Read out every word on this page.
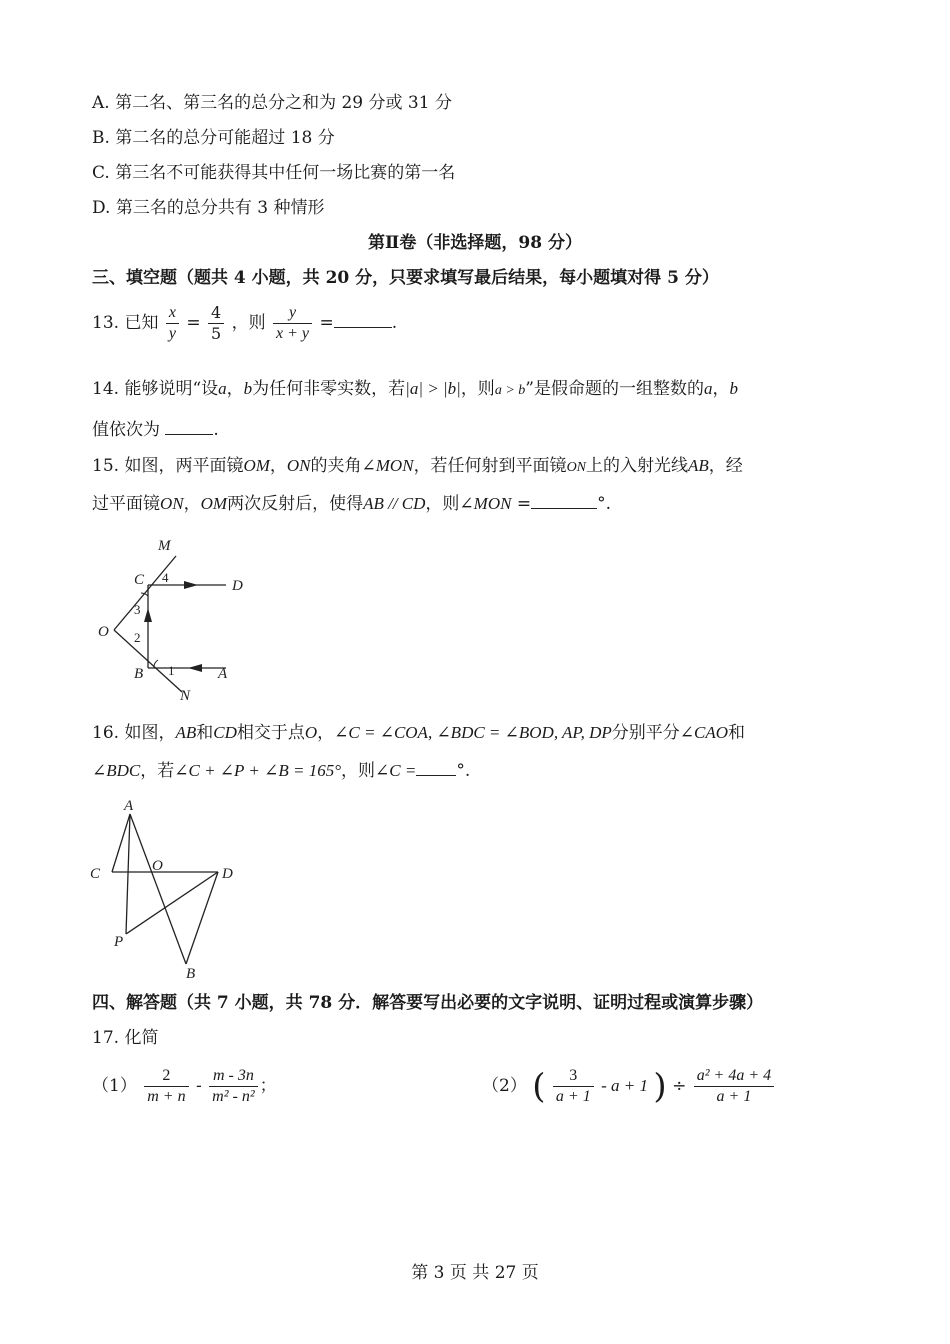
A. 第二名、第三名的总分之和为 29 分或 31 分
B. 第二名的总分可能超过 18 分
C. 第三名不可能获得其中任何一场比赛的第一名
D. 第三名的总分共有 3 种情形
第Ⅱ卷（非选择题，98 分）
三、填空题（题共 4 小题，共 20 分，只要求填写最后结果，每小题填对得 5 分）
13. 已知 $\frac{x}{y} = \frac{4}{5}$ ，则 $\frac{y}{x + y}$ =	.
14. 能够说明“设a，b为任何非零实数，若|a| > |b|，则a > b”是假命题的一组整数的a，b
值依次为	.
15. 如图，两平面镜OM，ON的夹角∠MON，若任何射到平面镜ON上的入射光线AB，经
过平面镜ON，OM两次反射后，使得AB // CD，则∠MON =	°.
M
C	D
O
B	A
N
4
3
2
1
16. 如图，AB和CD相交于点O，∠C = ∠COA, ∠BDC = ∠BOD, AP, DP分别平分∠CAO和
∠BDC，若∠C + ∠P + ∠B = 165°，则∠C = °.
A
C	O	D
P
B
四、解答题（共 7 小题，共 78 分．解答要写出必要的文字说明、证明过程或演算步骤）
17. 化简
$(1) \frac{2}{m + n} - \frac{m - 3n}{\text{m² - n²}}$ ；	（2） ( $\frac{3}{a + 1} - a + 1$ ) ÷ $\frac{\text{a² + 4a + 4}}{a + 1}$
第 3 页 共 27 页
